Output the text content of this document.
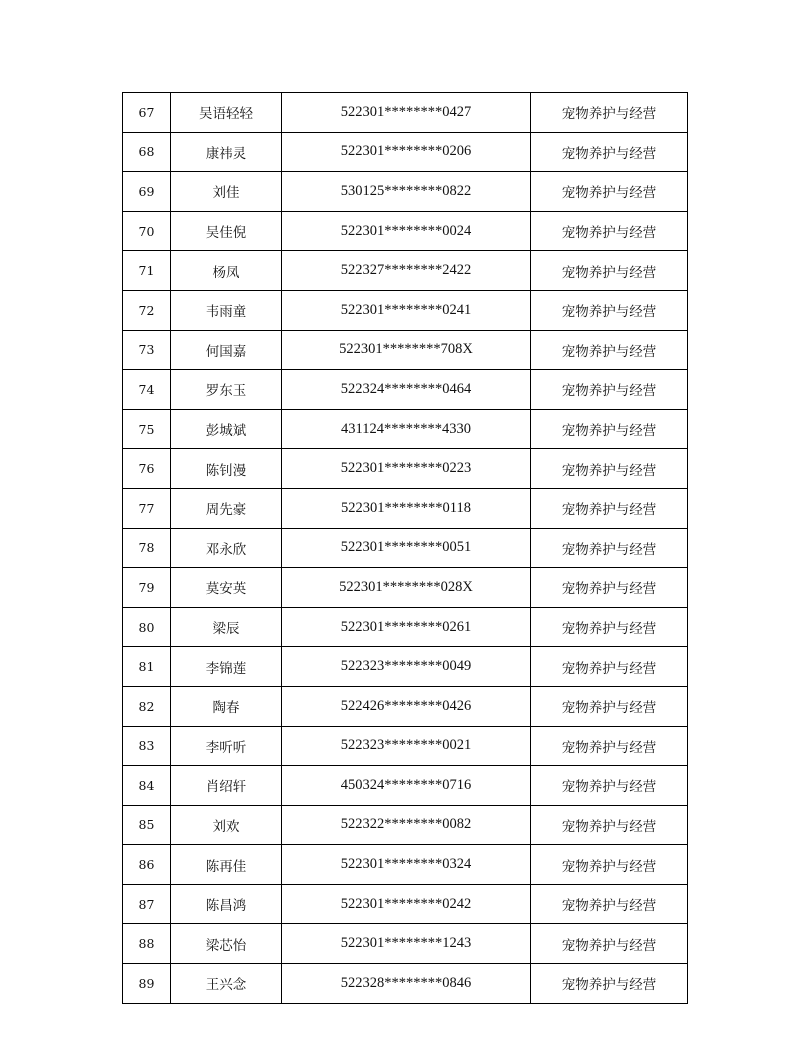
67	吴语轻轻	522301********0427	宠物养护与经营
68	康祎灵	522301********0206	宠物养护与经营
69	刘佳	530125********0822	宠物养护与经营
70	吴佳倪	522301********0024	宠物养护与经营
71	杨凤	522327********2422	宠物养护与经营
72	韦雨童	522301********0241	宠物养护与经营
73	何国嘉	522301********708X	宠物养护与经营
74	罗东玉	522324********0464	宠物养护与经营
75	彭城斌	431124********4330	宠物养护与经营
76	陈钊漫	522301********0223	宠物养护与经营
77	周先豪	522301********0118	宠物养护与经营
78	邓永欣	522301********0051	宠物养护与经营
79	莫安英	522301********028X	宠物养护与经营
80	梁辰	522301********0261	宠物养护与经营
81	李锦莲	522323********0049	宠物养护与经营
82	陶春	522426********0426	宠物养护与经营
83	李听听	522323********0021	宠物养护与经营
84	肖绍轩	450324********0716	宠物养护与经营
85	刘欢	522322********0082	宠物养护与经营
86	陈再佳	522301********0324	宠物养护与经营
87	陈昌鸿	522301********0242	宠物养护与经营
88	梁芯怡	522301********1243	宠物养护与经营
89	王兴念	522328********0846	宠物养护与经营
